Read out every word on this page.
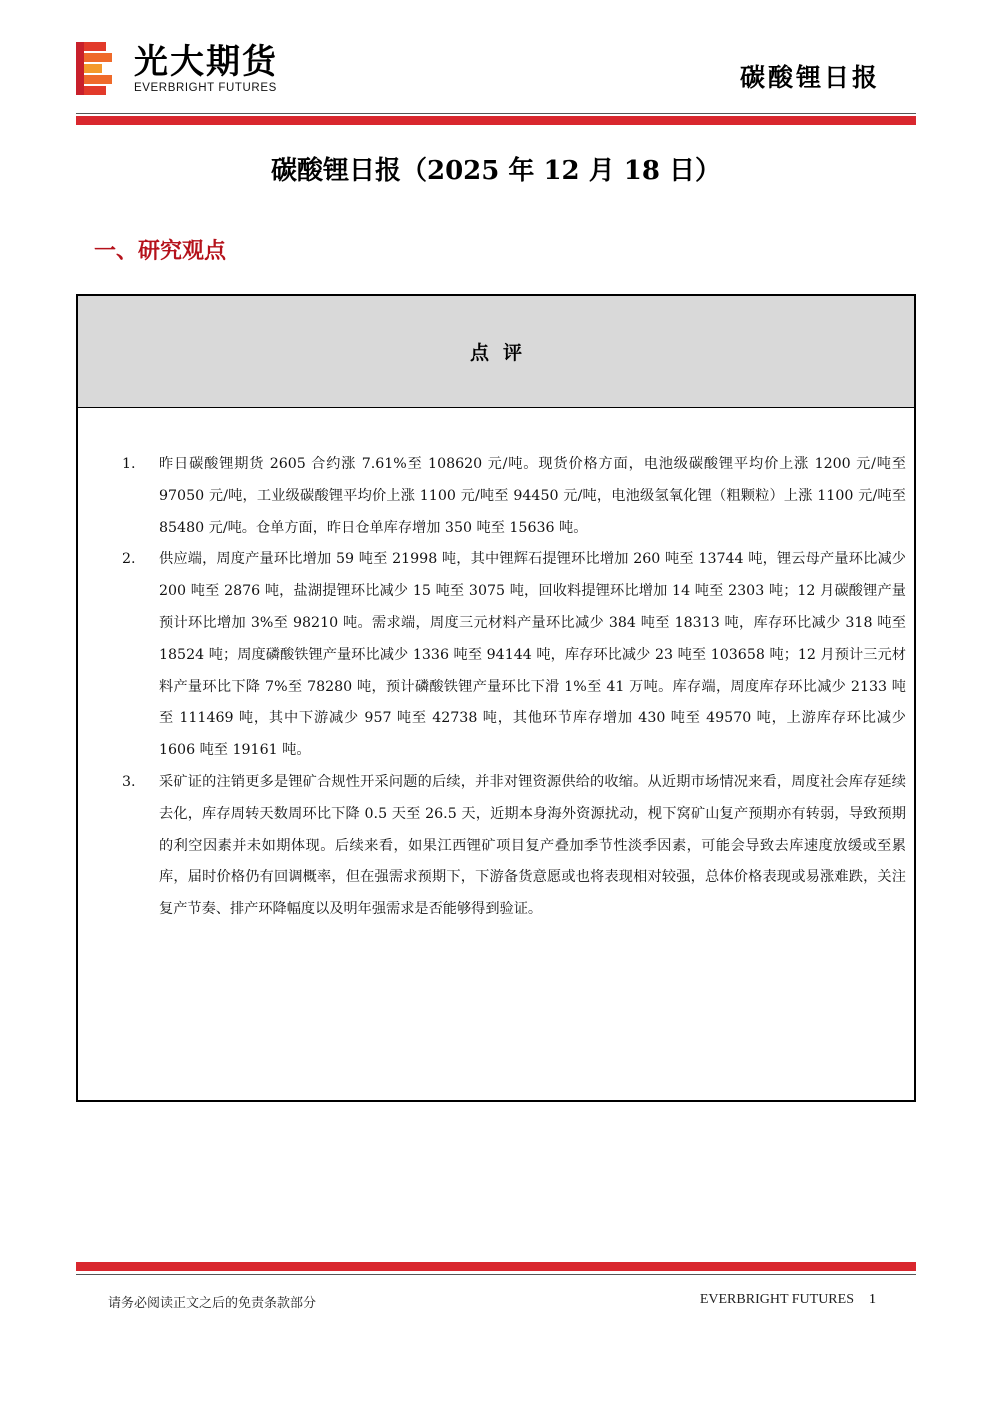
光大期货
EVERBRIGHT FUTURES	碳酸锂日报
碳酸锂日报（2025 年 12 月 18 日）
一、研究观点
点评
1. 昨日碳酸锂期货 2605 合约涨 7.61%至 108620 元/吨。现货价格方面，电池级碳酸锂平均价上涨 1200 元/吨至 97050 元/吨，工业级碳酸锂平均价上涨 1100 元/吨至 94450 元/吨，电池级氢氧化锂（粗颗粒）上涨 1100 元/吨至 85480 元/吨。仓单方面，昨日仓单库存增加 350 吨至 15636 吨。
2. 供应端，周度产量环比增加 59 吨至 21998 吨，其中锂辉石提锂环比增加 260 吨至 13744 吨，锂云母产量环比减少 200 吨至 2876 吨，盐湖提锂环比减少 15 吨至 3075 吨，回收料提锂环比增加 14 吨至 2303 吨；12 月碳酸锂产量预计环比增加 3%至 98210 吨。需求端，周度三元材料产量环比减少 384 吨至 18313 吨，库存环比减少 318 吨至 18524 吨；周度磷酸铁锂产量环比减少 1336 吨至 94144 吨，库存环比减少 23 吨至 103658 吨；12 月预计三元材料产量环比下降 7%至 78280 吨，预计磷酸铁锂产量环比下滑 1%至 41 万吨。库存端，周度库存环比减少 2133 吨至 111469 吨，其中下游减少 957 吨至 42738 吨，其他环节库存增加 430 吨至 49570 吨，上游库存环比减少 1606 吨至 19161 吨。
3. 采矿证的注销更多是锂矿合规性开采问题的后续，并非对锂资源供给的收缩。从近期市场情况来看，周度社会库存延续去化，库存周转天数周环比下降 0.5 天至 26.5 天，近期本身海外资源扰动，枧下窝矿山复产预期亦有转弱，导致预期的利空因素并未如期体现。后续来看，如果江西锂矿项目复产叠加季节性淡季因素，可能会导致去库速度放缓或至累库，届时价格仍有回调概率，但在强需求预期下，下游备货意愿或也将表现相对较强，总体价格表现或易涨难跌，关注复产节奏、排产环降幅度以及明年强需求是否能够得到验证。
请务必阅读正文之后的免责条款部分	EVERBRIGHT FUTURES 1
